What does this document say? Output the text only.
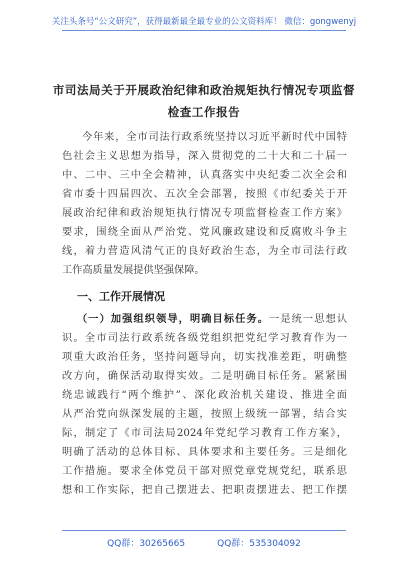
关注头条号“公文研究”，获得最新最全最专业的公文资料库！ 微信：gongwenyj
市司法局关于开展政治纪律和政治规矩执行情况专项监督
检查工作报告
今年来，全市司法行政系统坚持以习近平新时代中国特
色社会主义思想为指导，深入贯彻党的二十大和二十届一
中、二中、三中全会精神，认真落实中央纪委二次全会和
省市委十四届四次、五次全会部署，按照《市纪委关于开
展政治纪律和政治规矩执行情况专项监督检查工作方案》
要求，围绕全面从严治党、党风廉政建设和反腐败斗争主
线，着力营造风清气正的良好政治生态，为全市司法行政
工作高质量发展提供坚强保障。
一、工作开展情况
（一）加强组织领导，明确目标任务。一是统一思想认
识。全市司法行政系统各级党组织把党纪学习教育作为一
项重大政治任务，坚持问题导向，切实找准差距，明确整
改方向，确保活动取得实效。二是明确目标任务。紧紧围
绕忠诚践行“两个维护”、深化政治机关建设、推进全面
从严治党向纵深发展的主题，按照上级统一部署，结合实
际，制定了《市司法局2024年党纪学习教育工作方案》，
明确了活动的总体目标、具体要求和主要任务。三是细化
工作措施。要求全体党员干部对照党章党规党纪，联系思
想和工作实际，把自己摆进去、把职责摆进去、把工作摆
QQ群：30265665	QQ群：535304092
